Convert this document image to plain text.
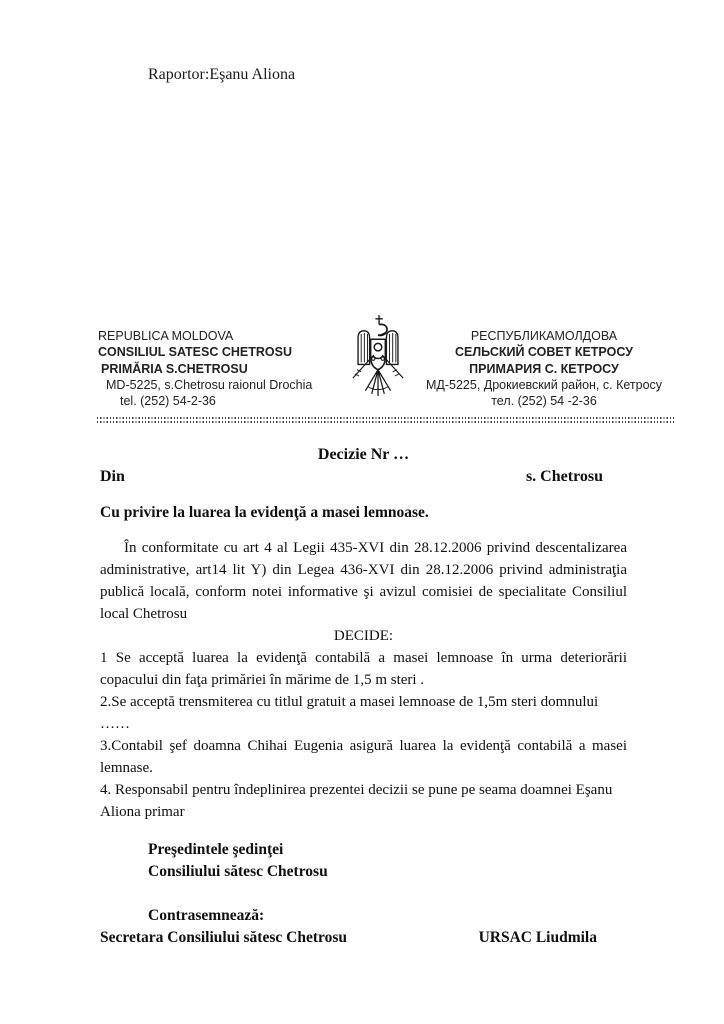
Raportor:Eşanu Aliona
REPUBLICA MOLDOVA
CONSILIUL SATESC CHETROSU
PRIMĂRIA S.CHETROSU
MD-5225, s.Chetrosu raionul Drochia
tel. (252) 54-2-36
РЕСПУБЛИКАМОЛДОВА
СЕЛЬСКИЙ СОВЕТ КЕТРОСУ
ПРИМАРИЯ С. КЕТРОСУ
МД-5225, Дрокиевский район, с. Кетросу
тел. (252) 54 -2-36
Decizie Nr …
Din	s. Chetrosu
Cu privire la luarea la evidenţă a masei lemnoase.

În conformitate cu art 4 al Legii 435-XVI din 28.12.2006 privind descentalizarea administrative, art14 lit Y) din Legea 436-XVI din 28.12.2006 privind administraţia publică locală, conform notei informative şi avizul comisiei de specialitate Consiliul local Chetrosu

DECIDE:

1 Se acceptă luarea la evidenţă contabilă a masei lemnoase în urma deteriorării copacului din faţa primăriei în mărime de 1,5 m steri .

2.Se acceptă trensmiterea cu titlul gratuit a masei lemnoase de 1,5m steri domnului

……

3.Contabil şef doamna Chihai Eugenia asigură luarea la evidenţă contabilă a masei lemnase.

4. Responsabil pentru îndeplinirea prezentei decizii se pune pe seama doamnei Eşanu Aliona primar

Preşedintele şedinţei
Consiliului sătesc Chetrosu
Contrasemnează:
Secretara Consiliului sătesc Chetrosu	URSAC Liudmila
